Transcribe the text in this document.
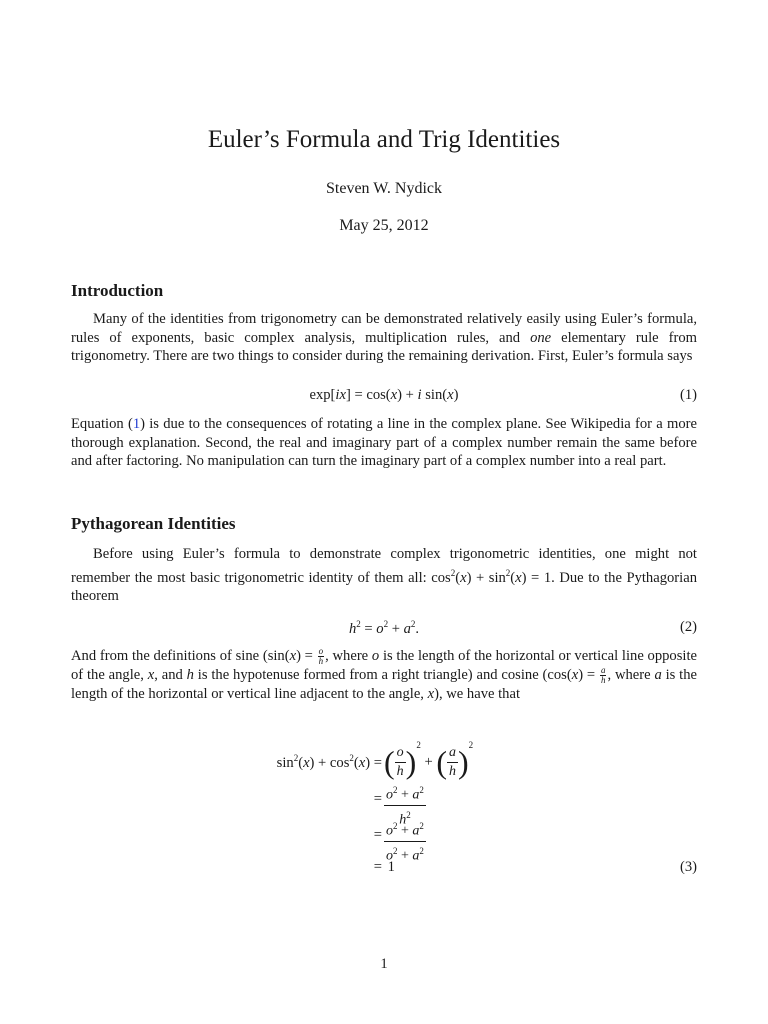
Euler’s Formula and Trig Identities
Steven W. Nydick
May 25, 2012
Introduction

Many of the identities from trigonometry can be demonstrated relatively easily using Euler’s formula, rules of exponents, basic complex analysis, multiplication rules, and one elementary rule from trigonometry. There are two things to consider during the remaining derivation. First, Euler’s formula says

exp[ix] = cos(x) + i sin(x)	(1)

Equation (1) is due to the consequences of rotating a line in the complex plane. See Wikipedia for a more thorough explanation. Second, the real and imaginary part of a complex number remain the same before and after factoring. No manipulation can turn the imaginary part of a complex number into a real part.

Pythagorean Identities

Before using Euler’s formula to demonstrate complex trigonometric identities, one might not remember the most basic trigonometric identity of them all: $\cos^2(x) + \sin^2(x) = 1$. Due to the Pythagorian theorem

$h^2 = o^2 + a^2$.	(2)

And from the definitions of sine ($\sin(x) = \frac{o}{h}$ , where o is the length of the horizontal or vertical line opposite of the angle, x, and h is the hypotenuse formed from a right triangle) and cosine ($\cos(x) = \frac{a}{h}$ , where a is the length of the horizontal or vertical line adjacent to the angle, x), we have that

$\sin^2(x) + \cos^2(x)$ = ( $\frac{o}{h} )^2$ + ( $\frac{a}{h} )^2$
= $\frac{o^2 + a^2}{h^2}$
= $\frac{o^2 + a^2}{o^2 + a^2}$
= 1	(3)
1
